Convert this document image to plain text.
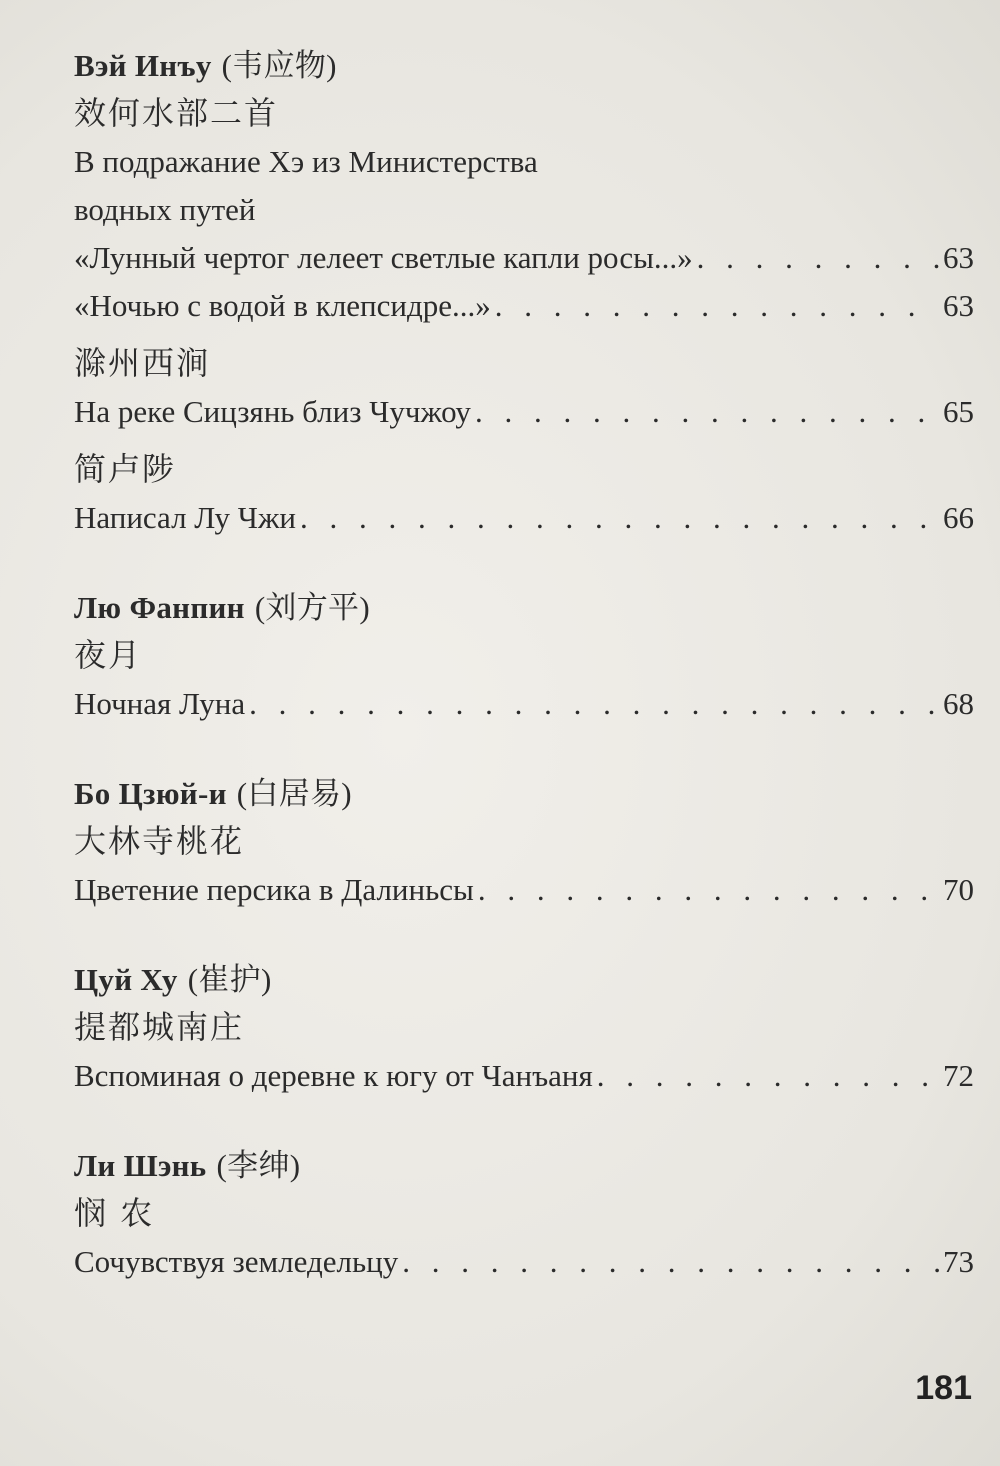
Вэй Инъу (韦应物)
效何水部二首
В подражание Хэ из Министерства
водных путей
«Лунный чертог лелеет светлые капли росы...» . . .	63
«Ночью с водой в клепсидре...» . . .	63
滁州西涧
На реке Сицзянь близ Чучжоу . . .	65
简卢陟
Написал Лу Чжи . . .	66
Лю Фанпин (刘方平)
夜月
Ночная Луна . . .	68
Бо Цзюй-и (白居易)
大林寺桃花
Цветение персика в Далиньсы . . .	70
Цуй Ху (崔护)
提都城南庄
Вспоминая о деревне к югу от Чанъаня . . .	72
Ли Шэнь (李绅)
悯 农
Сочувствуя земледельцу . . .	73
181
